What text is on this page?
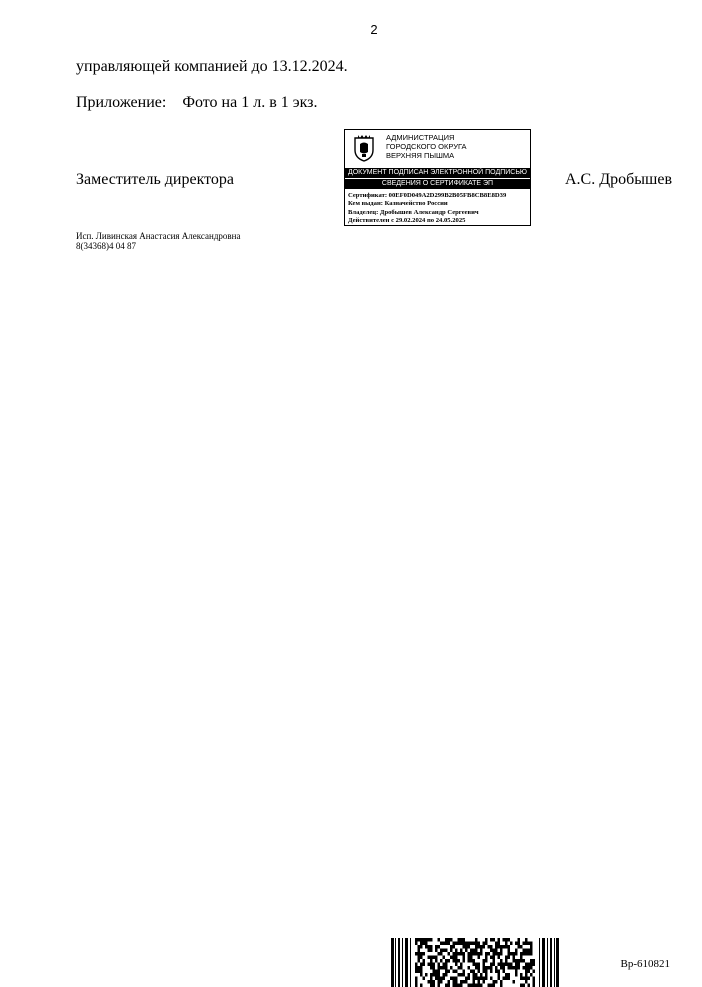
2
управляющей компанией до 13.12.2024.
Приложение: Фото на 1 л. в 1 экз.
Заместитель директора
АДМИНИСТРАЦИЯ
ГОРОДСКОГО ОКРУГА
ВЕРХНЯЯ ПЫШМА
ДОКУМЕНТ ПОДПИСАН ЭЛЕКТРОННОЙ ПОДПИСЬЮ
СВЕДЕНИЯ О СЕРТИФИКАТЕ ЭП
Сертификат: 00EF0D049A2D299B2B05FB8CB8E8D39
Кем выдан: Казначейство России
Владелец: Дробышев Александр Сергеевич
Действителен с 29.02.2024 по 24.05.2025
А.С. Дробышев
Исп. Ливинская Анастасия Александровна
8(34368)4 04 87
Вр-610821
